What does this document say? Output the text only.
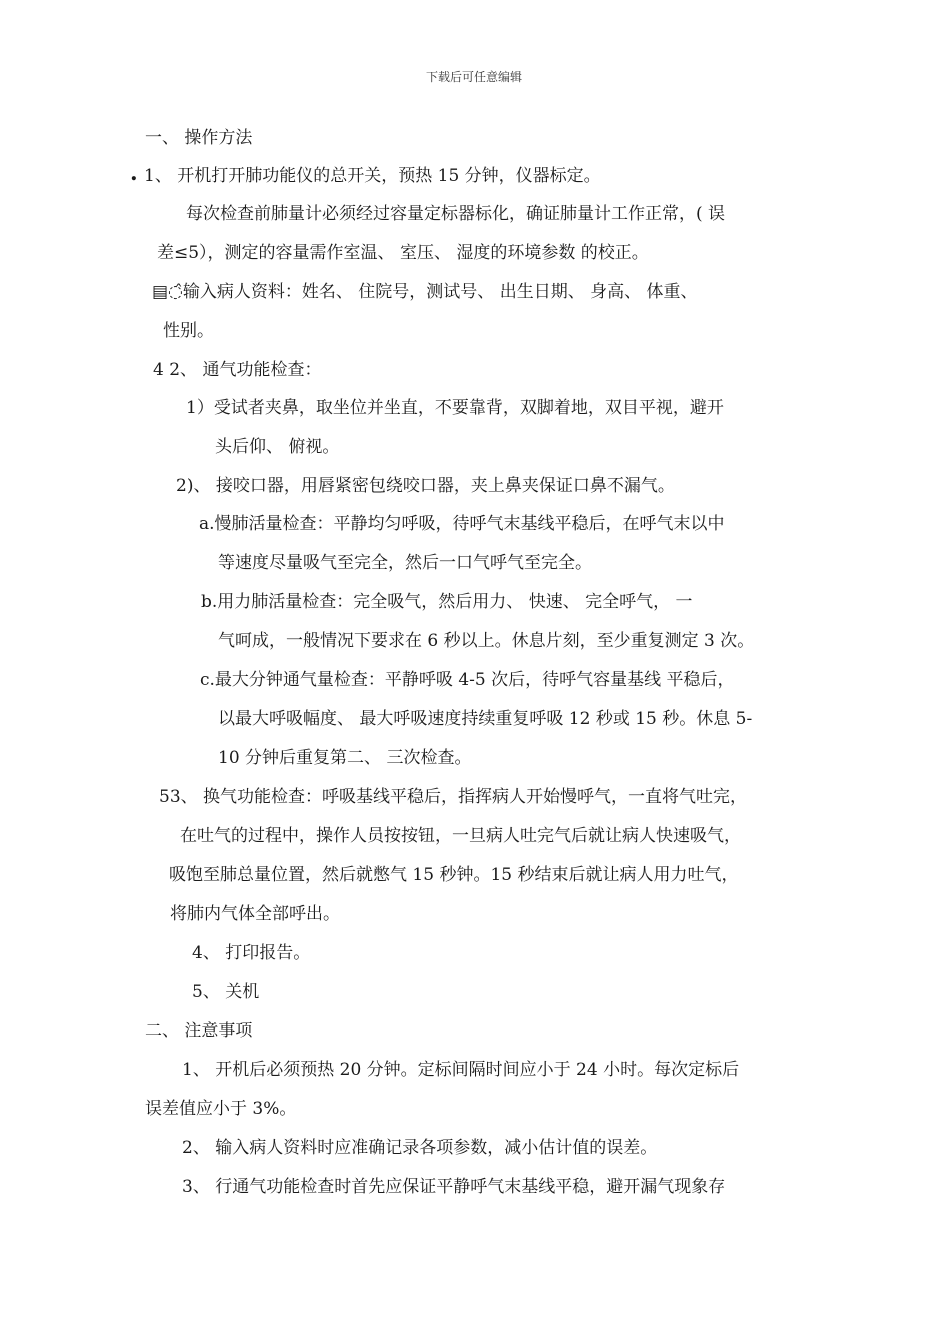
下载后可任意编辑
一、 操作方法
. 1、 开机打开肺功能仪的总开关，预热 15 分钟，仪器标定。
每次检查前肺量计必须经过容量定标器标化，确证肺量计工作正常，( 误
差≤5），测定的容量需作室温、 室压、 湿度的环境参数 的校正。
▤◌̂输入病人资料：姓名、 住院号，测试号、 出生日期、 身高、 体重、
性别。
4 2、 通气功能检查：
1）受试者夹鼻，取坐位并坐直，不要靠背，双脚着地，双目平视，避开
头后仰、 俯视。
2)、 接咬口器，用唇紧密包绕咬口器，夹上鼻夹保证口鼻不漏气。
a.慢肺活量检查：平静均匀呼吸，待呼气末基线平稳后，在呼气末以中
等速度尽量吸气至完全，然后一口气呼气至完全。
b.用力肺活量检查：完全吸气，然后用力、 快速、 完全呼气， 一
气呵成，一般情况下要求在 6 秒以上。休息片刻，至少重复测定 3 次。
c.最大分钟通气量检查：平静呼吸 4-5 次后，待呼气容量基线 平稳后，
以最大呼吸幅度、 最大呼吸速度持续重复呼吸 12 秒或 15 秒。休息 5-
10 分钟后重复第二、 三次检查。
53、 换气功能检查：呼吸基线平稳后，指挥病人开始慢呼气，一直将气吐完，
在吐气的过程中，操作人员按按钮，一旦病人吐完气后就让病人快速吸气，
吸饱至肺总量位置，然后就憋气 15 秒钟。15 秒结束后就让病人用力吐气，
将肺内气体全部呼出。
4、 打印报告。
5、 关机
二、 注意事项
1、 开机后必须预热 20 分钟。定标间隔时间应小于 24 小时。每次定标后
误差值应小于 3%。
2、 输入病人资料时应准确记录各项参数，减小估计值的误差。
3、 行通气功能检查时首先应保证平静呼气末基线平稳，避开漏气现象存
